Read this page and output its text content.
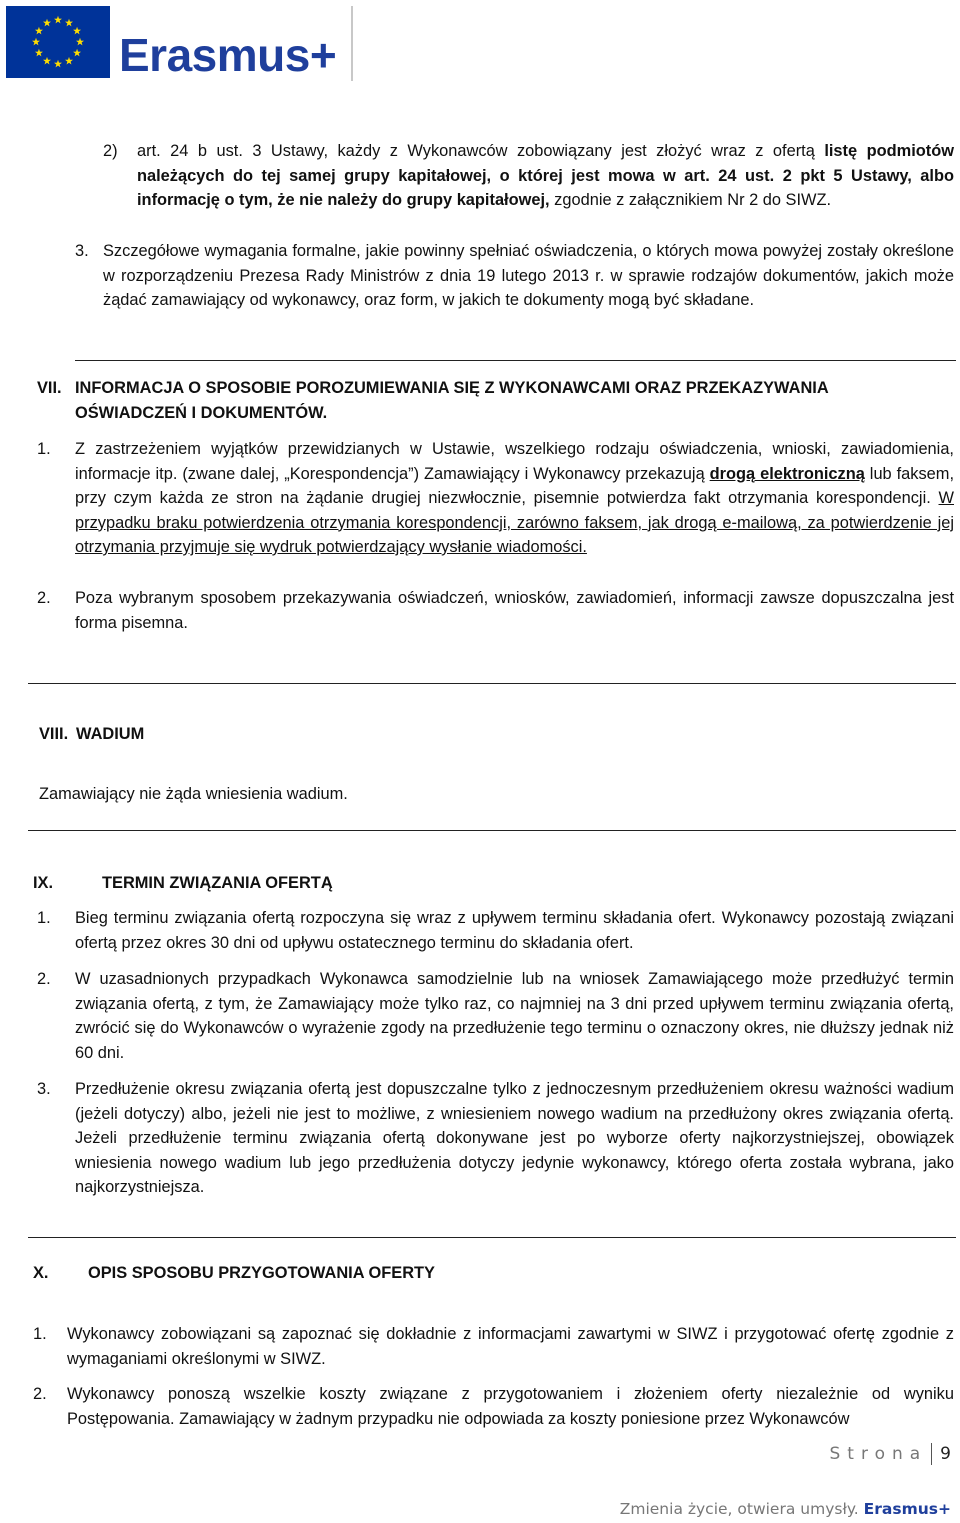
Erasmus+
2) art. 24 b ust. 3 Ustawy, każdy z Wykonawców zobowiązany jest złożyć wraz z ofertą listę podmiotów należących do tej samej grupy kapitałowej, o której jest mowa w art. 24 ust. 2 pkt 5 Ustawy, albo informację o tym, że nie należy do grupy kapitałowej, zgodnie z załącznikiem Nr 2 do SIWZ.
3. Szczegółowe wymagania formalne, jakie powinny spełniać oświadczenia, o których mowa powyżej zostały określone w rozporządzeniu Prezesa Rady Ministrów z dnia 19 lutego 2013 r. w sprawie rodzajów dokumentów, jakich może żądać zamawiający od wykonawcy, oraz form, w jakich te dokumenty mogą być składane.
VII. INFORMACJA O SPOSOBIE POROZUMIEWANIA SIĘ Z WYKONAWCAMI ORAZ PRZEKAZYWANIA OŚWIADCZEŃ I DOKUMENTÓW.
1. Z zastrzeżeniem wyjątków przewidzianych w Ustawie, wszelkiego rodzaju oświadczenia, wnioski, zawiadomienia, informacje itp. (zwane dalej, „Korespondencja”) Zamawiający i Wykonawcy przekazują drogą elektroniczną lub faksem, przy czym każda ze stron na żądanie drugiej niezwłocznie, pisemnie potwierdza fakt otrzymania korespondencji. W przypadku braku potwierdzenia otrzymania korespondencji, zarówno faksem, jak drogą e-mailową, za potwierdzenie jej otrzymania przyjmuje się wydruk potwierdzający wysłanie wiadomości.
2. Poza wybranym sposobem przekazywania oświadczeń, wniosków, zawiadomień, informacji zawsze dopuszczalna jest forma pisemna.
VIII. WADIUM
Zamawiający nie żąda wniesienia wadium.
IX.	TERMIN ZWIĄZANIA OFERTĄ
1. Bieg terminu związania ofertą rozpoczyna się wraz z upływem terminu składania ofert. Wykonawcy pozostają związani ofertą przez okres 30 dni od upływu ostatecznego terminu do składania ofert.
2. W uzasadnionych przypadkach Wykonawca samodzielnie lub na wniosek Zamawiającego może przedłużyć termin związania ofertą, z tym, że Zamawiający może tylko raz, co najmniej na 3 dni przed upływem terminu związania ofertą, zwrócić się do Wykonawców o wyrażenie zgody na przedłużenie tego terminu o oznaczony okres, nie dłuższy jednak niż 60 dni.
3. Przedłużenie okresu związania ofertą jest dopuszczalne tylko z jednoczesnym przedłużeniem okresu ważności wadium (jeżeli dotyczy) albo, jeżeli nie jest to możliwe, z wniesieniem nowego wadium na przedłużony okres związania ofertą. Jeżeli przedłużenie terminu związania ofertą dokonywane jest po wyborze oferty najkorzystniejszej, obowiązek wniesienia nowego wadium lub jego przedłużenia dotyczy jedynie wykonawcy, którego oferta została wybrana, jako najkorzystniejsza.
X. OPIS SPOSOBU PRZYGOTOWANIA OFERTY
1. Wykonawcy zobowiązani są zapoznać się dokładnie z informacjami zawartymi w SIWZ i przygotować ofertę zgodnie z wymaganiami określonymi w SIWZ.
2. Wykonawcy ponoszą wszelkie koszty związane z przygotowaniem i złożeniem oferty niezależnie od wyniku Postępowania. Zamawiający w żadnym przypadku nie odpowiada za koszty poniesione przez Wykonawców
Strona 9
Zmienia życie, otwiera umysły. Erasmus+
